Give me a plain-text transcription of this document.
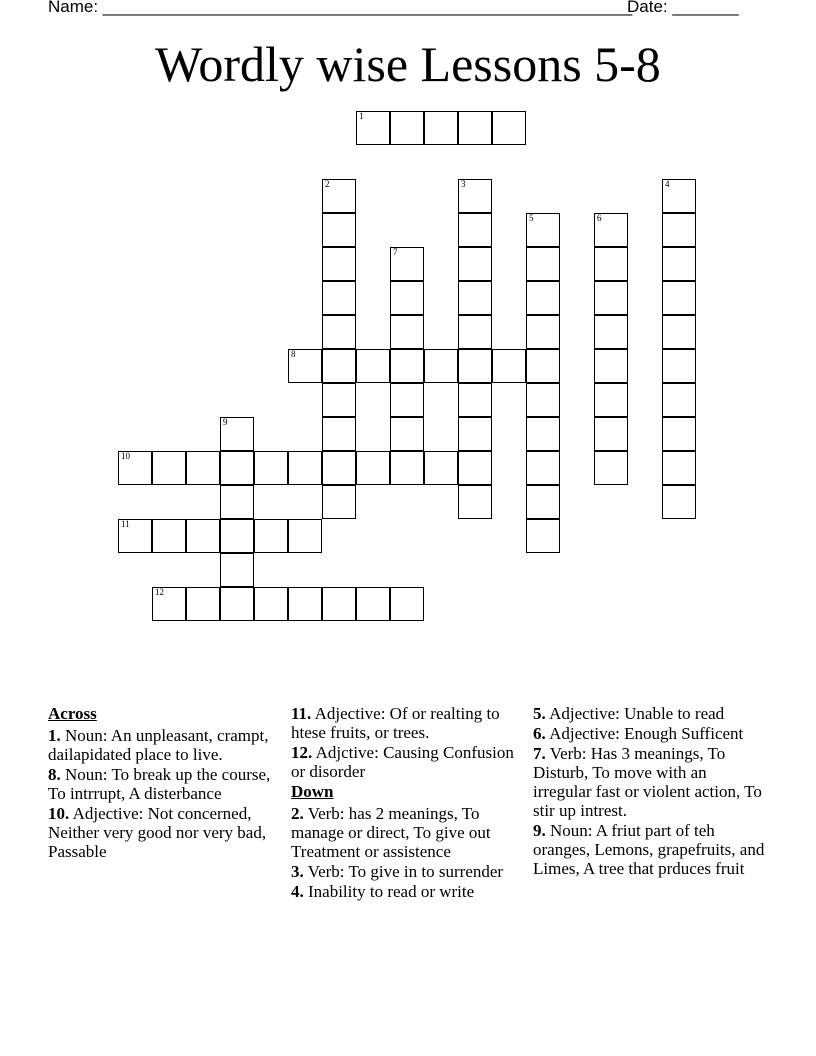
Name: ________________________________________________________
Date: _______
Wordly wise Lessons 5-8
1
2	3	4
5	6
7
8
9
10
11
12
Across
1. Noun: An unpleasant, crampt, dailapidated place to live.
8. Noun: To break up the course, To intrrupt, A disterbance
10. Adjective: Not concerned, Neither very good nor very bad, Passable
11. Adjective: Of or realting to htese fruits, or trees.
12. Adjctive: Causing Confusion or disorder
Down
2. Verb: has 2 meanings, To manage or direct, To give out Treatment or assistence
3. Verb: To give in to surrender
4. Inability to read or write
5. Adjective: Unable to read
6. Adjective: Enough Sufficent
7. Verb: Has 3 meanings, To Disturb, To move with an irregular fast or violent action, To stir up intrest.
9. Noun: A friut part of teh oranges, Lemons, grapefruits, and Limes, A tree that prduces fruit
